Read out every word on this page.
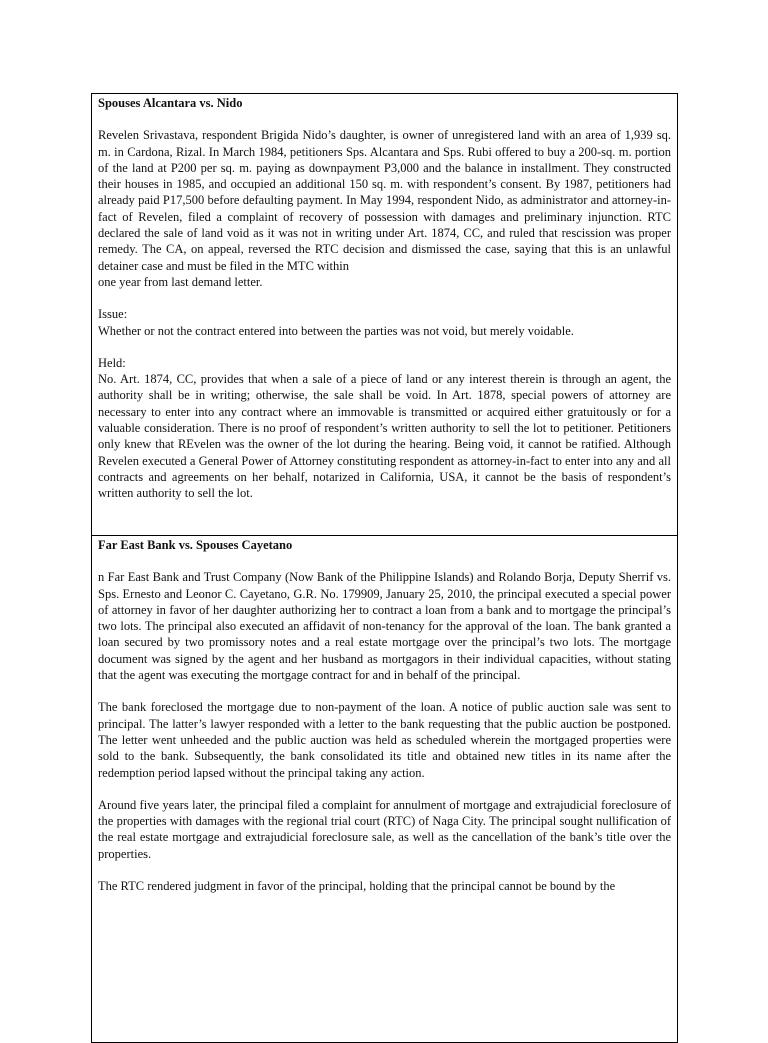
Spouses Alcantara vs. Nido

Revelen Srivastava, respondent Brigida Nido’s daughter, is owner of unregistered land with an area of 1,939 sq. m. in Cardona, Rizal. In March 1984, petitioners Sps. Alcantara and Sps. Rubi offered to buy a 200-sq. m. portion of the land at P200 per sq. m. paying as downpayment P3,000 and the balance in installment. They constructed their houses in 1985, and occupied an additional 150 sq. m. with respondent’s consent. By 1987, petitioners had already paid P17,500 before defaulting payment. In May 1994, respondent Nido, as administrator and attorney-in-fact of Revelen, filed a complaint of recovery of possession with damages and preliminary injunction. RTC declared the sale of land void as it was not in writing under Art. 1874, CC, and ruled that rescission was proper remedy. The CA, on appeal, reversed the RTC decision and dismissed the case, saying that this is an unlawful detainer case and must be filed in the MTC within

one year from last demand letter.

Issue:

Whether or not the contract entered into between the parties was not void, but merely voidable.

Held:

No. Art. 1874, CC, provides that when a sale of a piece of land or any interest therein is through an agent, the authority shall be in writing; otherwise, the sale shall be void. In Art. 1878, special powers of attorney are necessary to enter into any contract where an immovable is transmitted or acquired either gratuitously or for a valuable consideration. There is no proof of respondent’s written authority to sell the lot to petitioner. Petitioners only knew that REvelen was the owner of the lot during the hearing. Being void, it cannot be ratified. Although Revelen executed a General Power of Attorney constituting respondent as attorney-in-fact to enter into any and all contracts and agreements on her behalf, notarized in California, USA, it cannot be the basis of respondent’s written authority to sell the lot.

Far East Bank vs. Spouses Cayetano

n Far East Bank and Trust Company (Now Bank of the Philippine Islands) and Rolando Borja, Deputy Sherrif vs. Sps. Ernesto and Leonor C. Cayetano, G.R. No. 179909, January 25, 2010, the principal executed a special power of attorney in favor of her daughter authorizing her to contract a loan from a bank and to mortgage the principal’s two lots. The principal also executed an affidavit of non-tenancy for the approval of the loan. The bank granted a loan secured by two promissory notes and a real estate mortgage over the principal’s two lots. The mortgage document was signed by the agent and her husband as mortgagors in their individual capacities, without stating that the agent was executing the mortgage contract for and in behalf of the principal.

The bank foreclosed the mortgage due to non-payment of the loan. A notice of public auction sale was sent to principal. The latter’s lawyer responded with a letter to the bank requesting that the public auction be postponed. The letter went unheeded and the public auction was held as scheduled wherein the mortgaged properties were sold to the bank. Subsequently, the bank consolidated its title and obtained new titles in its name after the redemption period lapsed without the principal taking any action.

Around five years later, the principal filed a complaint for annulment of mortgage and extrajudicial foreclosure of the properties with damages with the regional trial court (RTC) of Naga City. The principal sought nullification of the real estate mortgage and extrajudicial foreclosure sale, as well as the cancellation of the bank’s title over the properties.

The RTC rendered judgment in favor of the principal, holding that the principal cannot be bound by the
